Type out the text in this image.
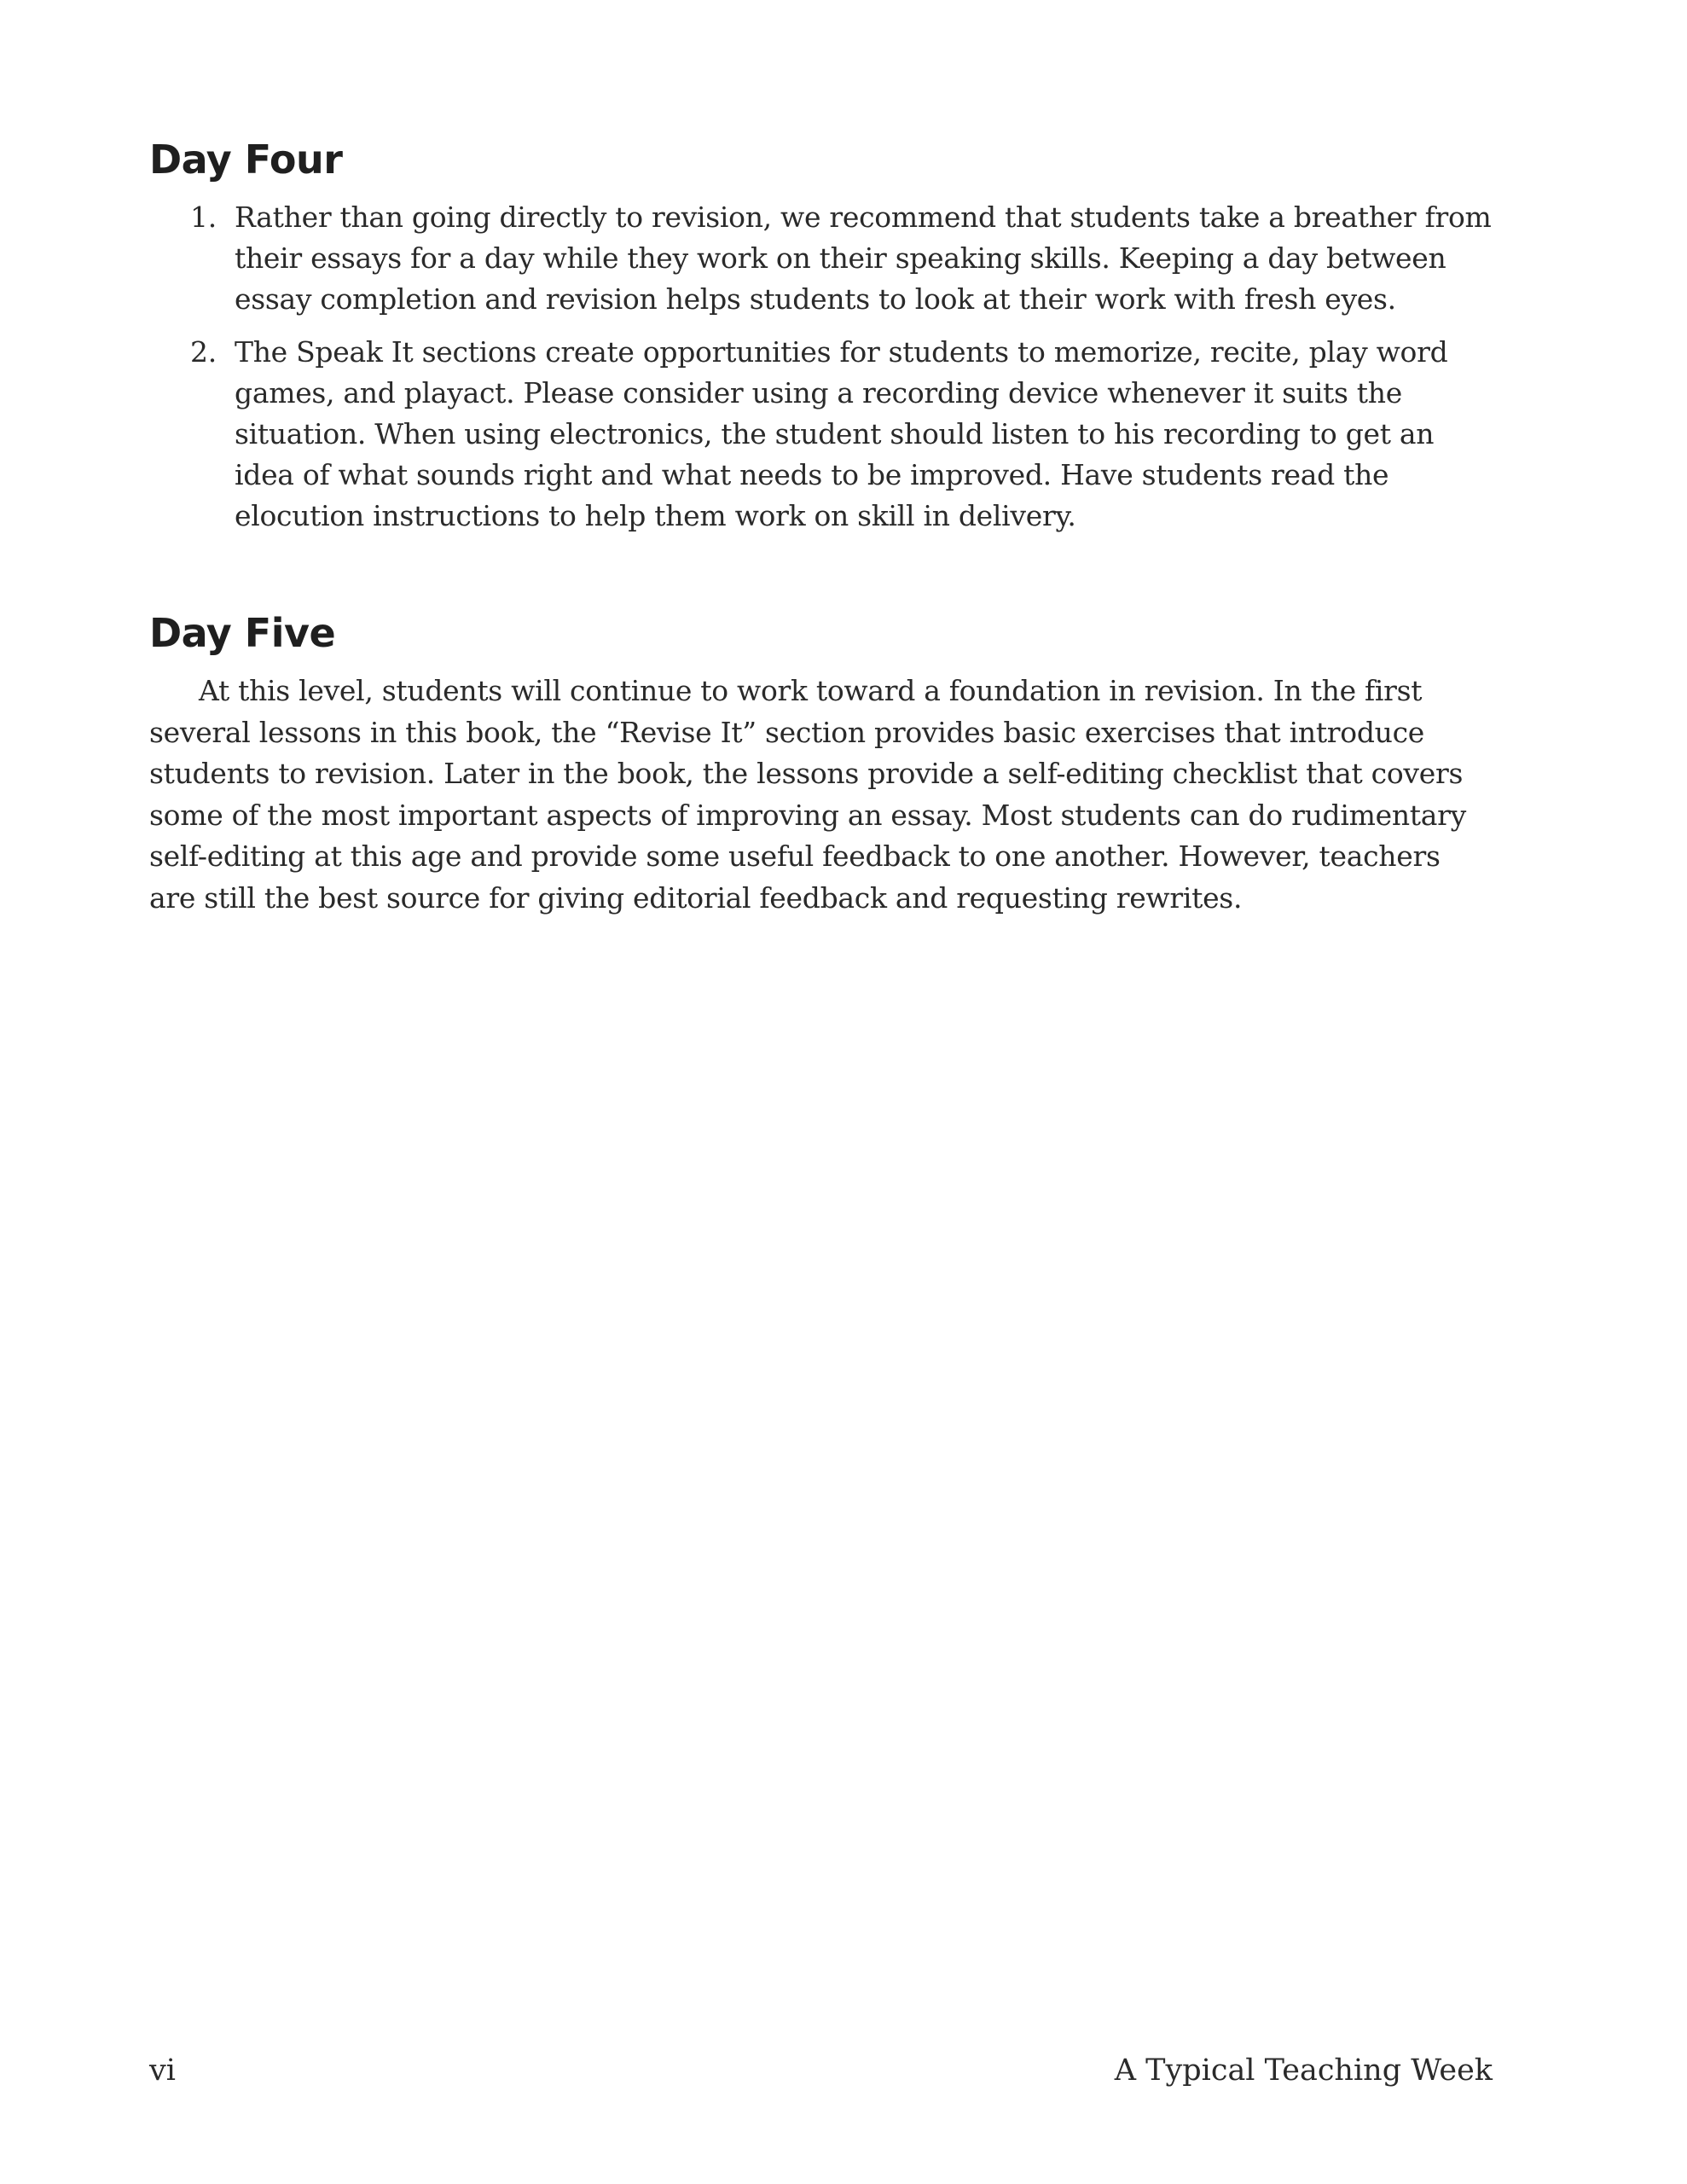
Day Four
1. Rather than going directly to revision, we recommend that students take a breather from their essays for a day while they work on their speaking skills. Keeping a day between essay completion and revision helps students to look at their work with fresh eyes.
2. The Speak It sections create opportunities for students to memorize, recite, play word games, and playact. Please consider using a recording device whenever it suits the situation. When using electronics, the student should listen to his recording to get an idea of what sounds right and what needs to be improved. Have students read the elocution instructions to help them work on skill in delivery.
Day Five

At this level, students will continue to work toward a foundation in revision. In the first several lessons in this book, the “Revise It” section provides basic exercises that introduce students to revision. Later in the book, the lessons provide a self-editing checklist that covers some of the most important aspects of improving an essay. Most students can do rudimentary self-editing at this age and provide some useful feedback to one another. However, teachers are still the best source for giving editorial feedback and requesting rewrites.

vi	A Typical Teaching Week
